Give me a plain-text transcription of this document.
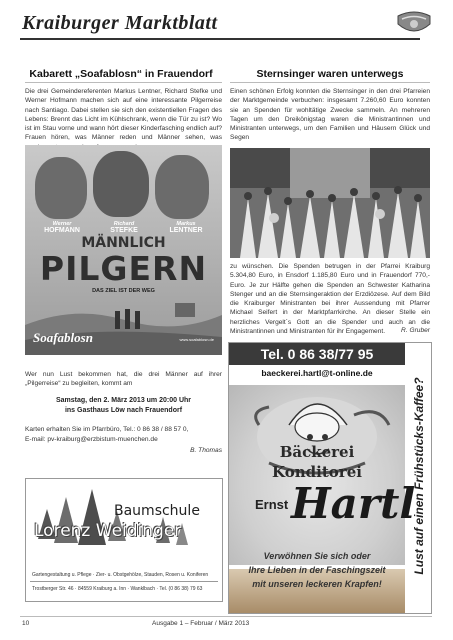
Kraiburger Marktblatt
Kabarett „Soafablosn“ in Frauendorf
Die drei Gemeindereferenten Markus Lentner, Richard Stefke und Werner Hofmann machen sich auf eine interessante Pilgerreise nach Santiago. Dabei stellen sie sich den existentiellen Fragen des Lebens: Brennt das Licht im Kühlschrank, wenn die Tür zu ist? Wo ist im Stau vorne und wann hört dieser Kinderfasching endlich auf? Frauen hören, was Männer reden und Männer sehen, was
Werner
HOFMANN
Richard
STEFKE
Markus
LENTNER
MÄNNLICH
PILGERN
DAS ZIEL IST DER WEG
Soafablosn	www.soafablosn.de
Wer nun Lust bekommen hat, die drei Männer auf ihrer „Pilgerreise“ zu begleiten, kommt am
Samstag, den 2. März 2013 um 20:00 Uhr
ins Gasthaus Löw nach Frauendorf
Karten erhalten Sie im Pfarrbüro, Tel.: 0 86 38 / 88 57 0,
E-mail: pv-kraiburg@erzbistum-muenchen.de
B. Thomas
Baumschule
Lorenz Weidinger
Gartengestaltung u. Pflege · Zier- u. Obstgehölze, Stauden, Rosen u. Koniferen
Trostberger Str. 46 · 84559 Kraiburg a. Inn · Wanklbach · Tel. (0 86 38) 79 63
Sternsinger waren unterwegs
Einen schönen Erfolg konnten die Sternsinger in den drei Pfarreien der Marktgemeinde verbuchen: insgesamt 7.260,60 Euro konnten sie an Spenden für wohltätige Zwecke sammeln. An mehreren Tagen um den Dreikönigstag waren die Ministrantinnen und Ministranten unterwegs, um den Familien und Häusern Glück und Segen
zu wünschen. Die Spenden betrugen in der Pfarrei Kraiburg 5.304,80 Euro, in Ensdorf 1.185,80 Euro und in Frauendorf 770,- Euro. Je zur Hälfte gehen die Spenden an Schwester Katharina Stenger und an die Sternsingeraktion der Erzdiözese. Auf dem Bild die Kraiburger Ministranten bei ihrer Aussendung mit Pfarrer Michael Seifert in der Marktpfarrkirche. An dieser Stelle ein herzliches Vergelt´s Gott an die Spender und auch an die Ministrantinnen und Ministranten für ihr Engagement.	R. Gruber
Tel. 0 86 38/77 95
baeckerei.hartl@t-online.de
Bäckerei
Konditorei
Ernst Hartl
Verwöhnen Sie sich oder
Ihre Lieben in der Faschingszeit
mit unseren leckeren Krapfen!
Lust auf einen Frühstücks-Kaffee?
10	Ausgabe 1 – Februar / März 2013
